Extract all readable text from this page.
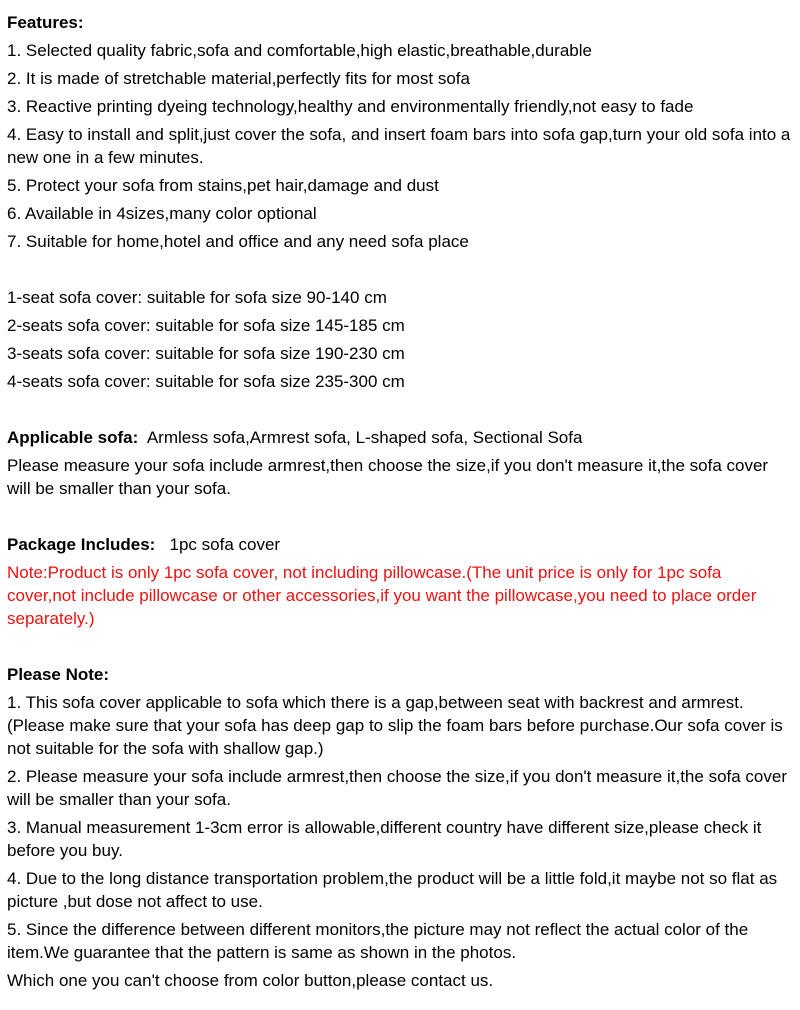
Features:

1. Selected quality fabric,sofa and comfortable,high elastic,breathable,durable

2. It is made of stretchable material,perfectly fits for most sofa

3. Reactive printing dyeing technology,healthy and environmentally friendly,not easy to fade

4. Easy to install and split,just cover the sofa, and insert foam bars into sofa gap,turn your old sofa into a new one in a few minutes.

5. Protect your sofa from stains,pet hair,damage and dust

6. Available in 4sizes,many color optional

7. Suitable for home,hotel and office and any need sofa place

1-seat sofa cover: suitable for sofa size 90-140 cm

2-seats sofa cover: suitable for sofa size 145-185 cm

3-seats sofa cover: suitable for sofa size 190-230 cm

4-seats sofa cover: suitable for sofa size 235-300 cm

Applicable sofa:  Armless sofa,Armrest sofa, L-shaped sofa, Sectional Sofa

Please measure your sofa include armrest,then choose the size,if you don't measure it,the sofa cover will be smaller than your sofa.

Package Includes:   1pc sofa cover

Note:Product is only 1pc sofa cover, not including pillowcase.(The unit price is only for 1pc sofa cover,not include pillowcase or other accessories,if you want the pillowcase,you need to place order separately.)

Please Note:

1. This sofa cover applicable to sofa which there is a gap,between seat with backrest and armrest.(Please make sure that your sofa has deep gap to slip the foam bars before purchase.Our sofa cover is not suitable for the sofa with shallow gap.)

2. Please measure your sofa include armrest,then choose the size,if you don't measure it,the sofa cover will be smaller than your sofa.

3. Manual measurement 1-3cm error is allowable,different country have different size,please check it before you buy.

4. Due to the long distance transportation problem,the product will be a little fold,it maybe not so flat as picture ,but dose not affect to use.

5. Since the difference between different monitors,the picture may not reflect the actual color of the item.We guarantee that the pattern is same as shown in the photos.

Which one you can't choose from color button,please contact us.
